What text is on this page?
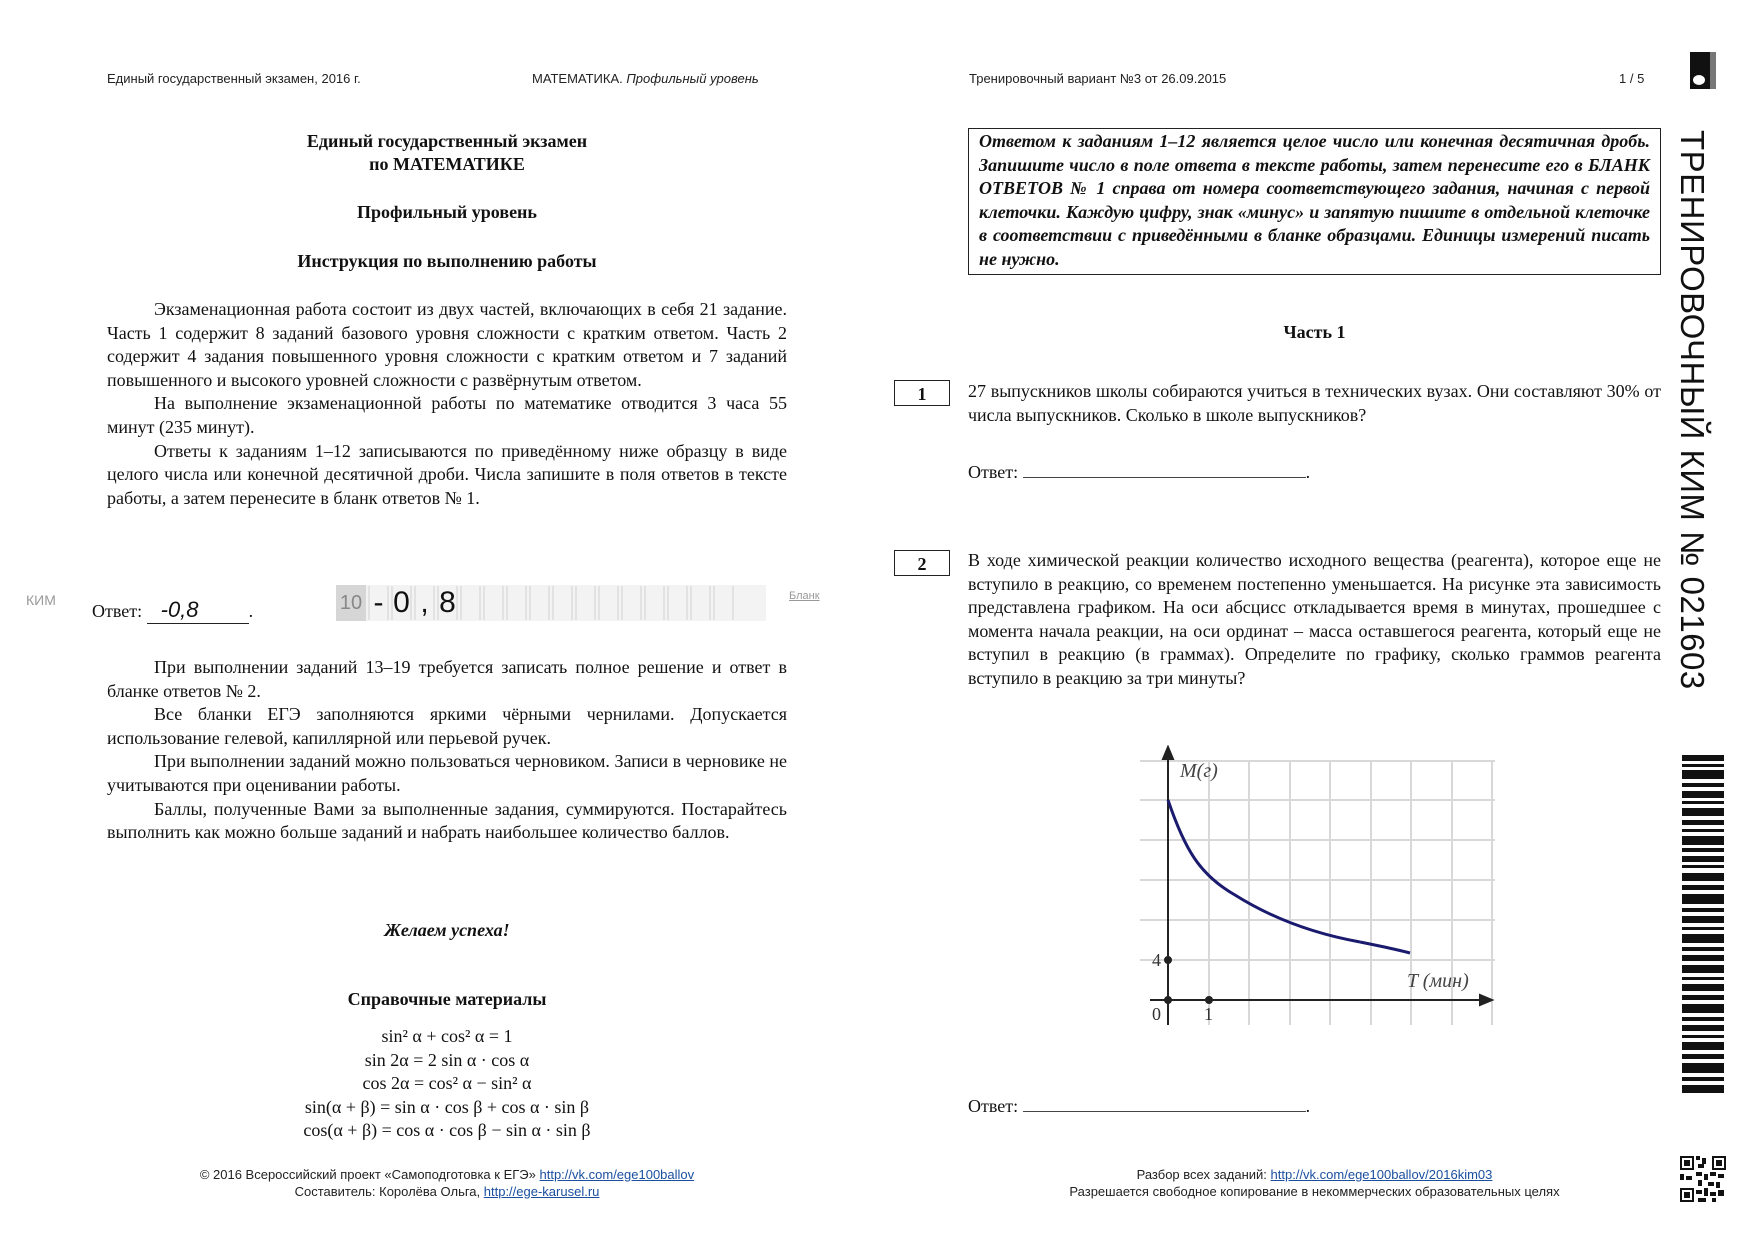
Единый государственный экзамен, 2016 г.	МАТЕМАТИКА. Профильный уровень	Тренировочный вариант №3 от 26.09.2015	1 / 5
Единый государственный экзамен
по МАТЕМАТИКЕ
Профильный уровень
Инструкция по выполнению работы

Экзаменационная работа состоит из двух частей, включающих в себя 21 задание. Часть 1 содержит 8 заданий базового уровня сложности с кратким ответом. Часть 2 содержит 4 задания повышенного уровня сложности с кратким ответом и 7 заданий повышенного и высокого уровней сложности с развёрнутым ответом.

На выполнение экзаменационной работы по математике отводится 3 часа 55 минут (235 минут).

Ответы к заданиям 1–12 записываются по приведённому ниже образцу в виде целого числа или конечной десятичной дроби. Числа запишите в поля ответов в тексте работы, а затем перенесите в бланк ответов № 1.

КИМ
Ответ: -0,8	.	10 - 0 , 8	Бланк

При выполнении заданий 13–19 требуется записать полное решение и ответ в бланке ответов № 2.

Все бланки ЕГЭ заполняются яркими чёрными чернилами. Допускается использование гелевой, капиллярной или перьевой ручек.

При выполнении заданий можно пользоваться черновиком. Записи в черновике не учитываются при оценивании работы.

Баллы, полученные Вами за выполненные задания, суммируются. Постарайтесь выполнить как можно больше заданий и набрать наибольшее количество баллов.

Желаем успеха!
Справочные материалы
sin² α + cos² α = 1
sin 2α = 2 sin α · cos α
cos 2α = cos² α − sin² α
sin(α + β) = sin α · cos β + cos α · sin β
cos(α + β) = cos α · cos β − sin α · sin β
© 2016 Всероссийский проект «Самоподготовка к ЕГЭ» http://vk.com/ege100ballov
Составитель: Королёва Ольга, http://ege-karusel.ru
Ответом к заданиям 1–12 является целое число или конечная десятичная дробь. Запишите число в поле ответа в тексте работы, затем перенесите его в БЛАНК ОТВЕТОВ № 1 справа от номера соответствующего задания, начиная с первой клеточки. Каждую цифру, знак «минус» и запятую пишите в отдельной клеточке в соответствии с приведёнными в бланке образцами. Единицы измерений писать не нужно.
Часть 1
1	27 выпускников школы собираются учиться в технических вузах. Они составляют 30% от числа выпускников. Сколько в школе выпускников?
Ответ:	.
2	В ходе химической реакции количество исходного вещества (реагента), которое еще не вступило в реакцию, со временем постепенно уменьшается. На рисунке эта зависимость представлена графиком. На оси абсцисс откладывается время в минутах, прошедшее с момента начала реакции, на оси ординат – масса оставшегося реагента, который еще не вступил в реакцию (в граммах). Определите по графику, сколько граммов реагента вступило в реакцию за три минуты?
M(г)
T (мин)
4
0 1
Ответ:	.
Разбор всех заданий: http://vk.com/ege100ballov/2016kim03
Разрешается свободное копирование в некоммерческих образовательных целях
ТРЕНИРОВОЧНЫЙ КИМ № 021603
